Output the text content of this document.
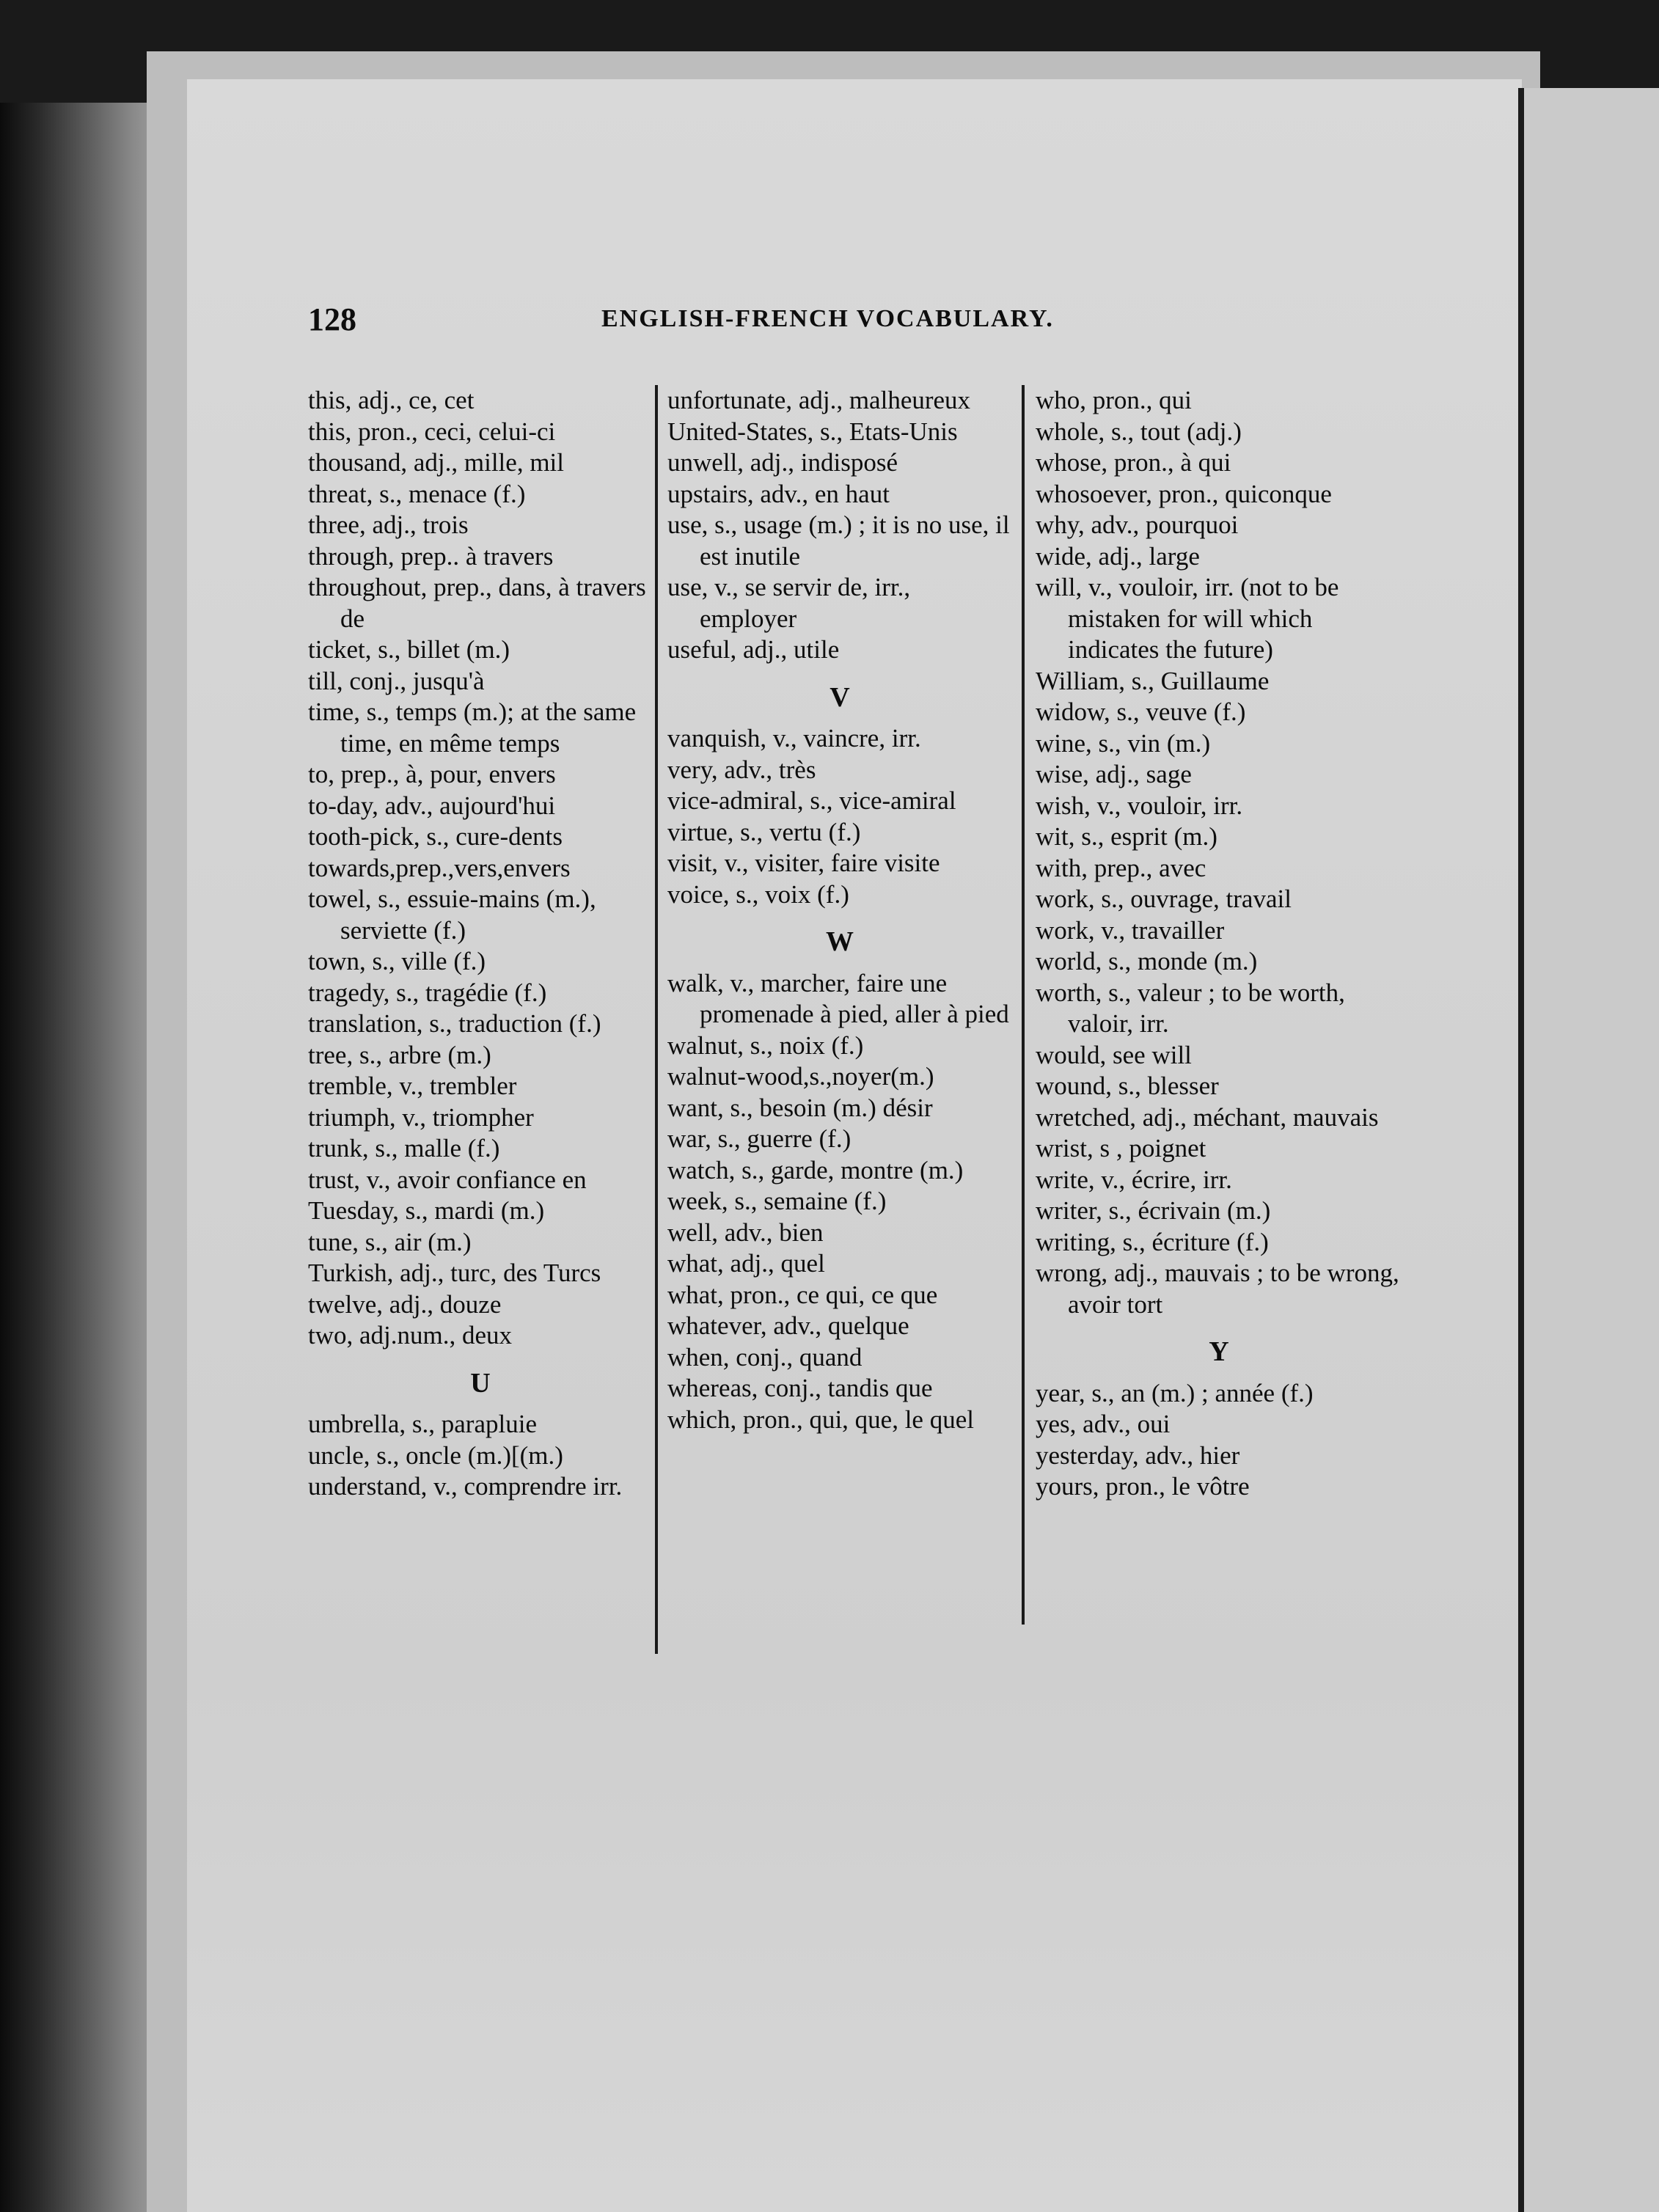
128	ENGLISH-FRENCH VOCABULARY.
this, adj., ce, cet
this, pron., ceci, celui-ci
thousand, adj., mille, mil
threat, s., menace (f.)
three, adj., trois
through, prep.. à travers
throughout, prep., dans, à travers de
ticket, s., billet (m.)
till, conj., jusqu'à
time, s., temps (m.); at the same time, en même temps
to, prep., à, pour, envers
to-day, adv., aujourd'hui
tooth-pick, s., cure-dents
towards,prep.,vers,envers
towel, s., essuie-mains (m.), serviette (f.)
town, s., ville (f.)
tragedy, s., tragédie (f.)
translation, s., traduction (f.)
tree, s., arbre (m.)
tremble, v., trembler
triumph, v., triompher
trunk, s., malle (f.)
trust, v., avoir confiance en
Tuesday, s., mardi (m.)
tune, s., air (m.)
Turkish, adj., turc, des Turcs
twelve, adj., douze
two, adj.num., deux
U
umbrella, s., parapluie
uncle, s., oncle (m.)[(m.)
understand, v., comprendre irr.
unfortunate, adj., malheureux
United-States, s., Etats-Unis
unwell, adj., indisposé
upstairs, adv., en haut
use, s., usage (m.) ; it is no use, il est inutile
use, v., se servir de, irr., employer
useful, adj., utile
V
vanquish, v., vaincre, irr.
very, adv., très
vice-admiral, s., vice-amiral
virtue, s., vertu (f.)
visit, v., visiter, faire visite
voice, s., voix (f.)
W
walk, v., marcher, faire une promenade à pied, aller à pied
walnut, s., noix (f.)
walnut-wood,s.,noyer(m.)
want, s., besoin (m.) désir
war, s., guerre (f.)
watch, s., garde, montre (m.)
week, s., semaine (f.)
well, adv., bien
what, adj., quel
what, pron., ce qui, ce que
whatever, adv., quelque
when, conj., quand
whereas, conj., tandis que
which, pron., qui, que, le quel
who, pron., qui
whole, s., tout (adj.)
whose, pron., à qui
whosoever, pron., quiconque
why, adv., pourquoi
wide, adj., large
will, v., vouloir, irr. (not to be mistaken for will which indicates the future)
William, s., Guillaume
widow, s., veuve (f.)
wine, s., vin (m.)
wise, adj., sage
wish, v., vouloir, irr.
wit, s., esprit (m.)
with, prep., avec
work, s., ouvrage, travail
work, v., travailler
world, s., monde (m.)
worth, s., valeur ; to be worth, valoir, irr.
would, see will
wound, s., blesser
wretched, adj., méchant, mauvais
wrist, s , poignet
write, v., écrire, irr.
writer, s., écrivain (m.)
writing, s., écriture (f.)
wrong, adj., mauvais ; to be wrong, avoir tort
Y
year, s., an (m.) ; année (f.)
yes, adv., oui
yesterday, adv., hier
yours, pron., le vôtre
